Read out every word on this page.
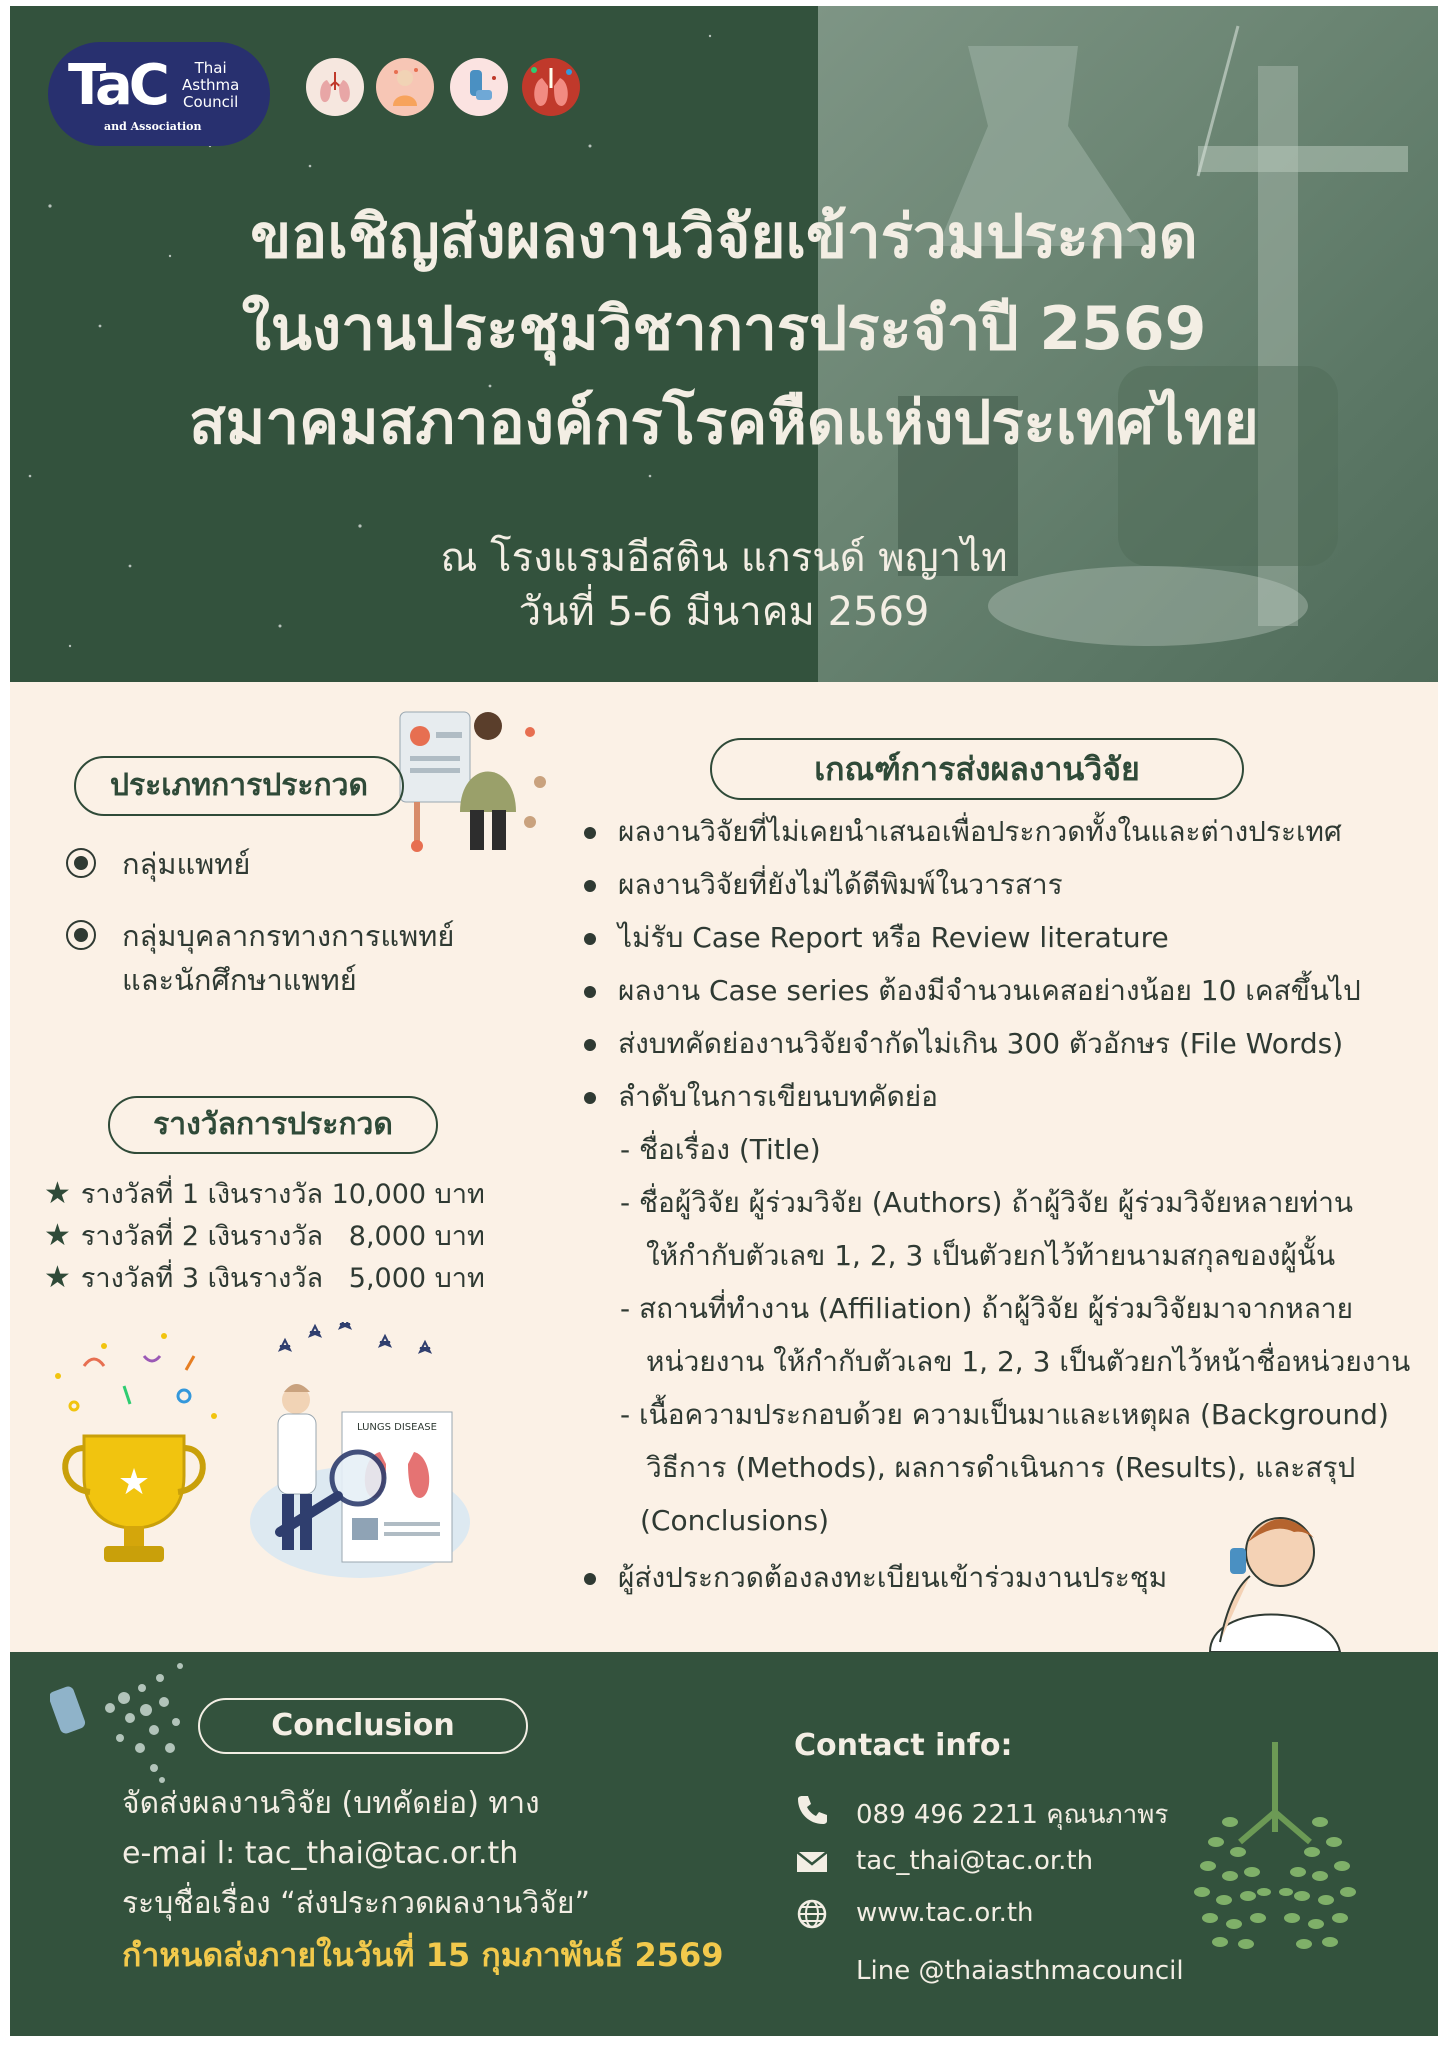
TaC	Thai
Asthma
Council
and Association
ขอเชิญส่งผลงานวิจัยเข้าร่วมประกวด
ในงานประชุมวิชาการประจำปี 2569
สมาคมสภาองค์กรโรคหืดแห่งประเทศไทย
ณ โรงแรมอีสติน แกรนด์ พญาไท
วันที่ 5-6 มีนาคม 2569
ประเภทการประกวด
กลุ่มแพทย์
กลุ่มบุคลากรทางการแพทย์
และนักศึกษาแพทย์
รางวัลการประกวด
★ รางวัลที่ 1 เงินรางวัล 10,000 บาท
★ รางวัลที่ 2 เงินรางวัล 8,000 บาท
★ รางวัลที่ 3 เงินรางวัล 5,000 บาท
★
LUNGS DISEASE
เกณฑ์การส่งผลงานวิจัย
ผลงานวิจัยที่ไม่เคยนำเสนอเพื่อประกวดทั้งในและต่างประเทศ
ผลงานวิจัยที่ยังไม่ได้ตีพิมพ์ในวารสาร
ไม่รับ Case Report หรือ Review literature
ผลงาน Case series ต้องมีจำนวนเคสอย่างน้อย 10 เคสขึ้นไป
ส่งบทคัดย่องานวิจัยจำกัดไม่เกิน 300 ตัวอักษร (File Words)
ลำดับในการเขียนบทคัดย่อ
- ชื่อเรื่อง (Title)
- ชื่อผู้วิจัย ผู้ร่วมวิจัย (Authors) ถ้าผู้วิจัย ผู้ร่วมวิจัยหลายท่าน
ให้กำกับตัวเลข 1, 2, 3 เป็นตัวยกไว้ท้ายนามสกุลของผู้นั้น
- สถานที่ทำงาน (Affiliation) ถ้าผู้วิจัย ผู้ร่วมวิจัยมาจากหลาย
หน่วยงาน ให้กำกับตัวเลข 1, 2, 3 เป็นตัวยกไว้หน้าชื่อหน่วยงาน
- เนื้อความประกอบด้วย ความเป็นมาและเหตุผล (Background)
วิธีการ (Methods), ผลการดำเนินการ (Results), และสรุป
(Conclusions)
ผู้ส่งประกวดต้องลงทะเบียนเข้าร่วมงานประชุม
Conclusion
จัดส่งผลงานวิจัย (บทคัดย่อ) ทาง
e-mai l: tac_thai@tac.or.th
ระบุชื่อเรื่อง “ส่งประกวดผลงานวิจัย”
กำหนดส่งภายในวันที่ 15 กุมภาพันธ์ 2569
Contact info:
089 496 2211 คุณนภาพร
tac_thai@tac.or.th
www.tac.or.th
Line @thaiasthmacouncil
